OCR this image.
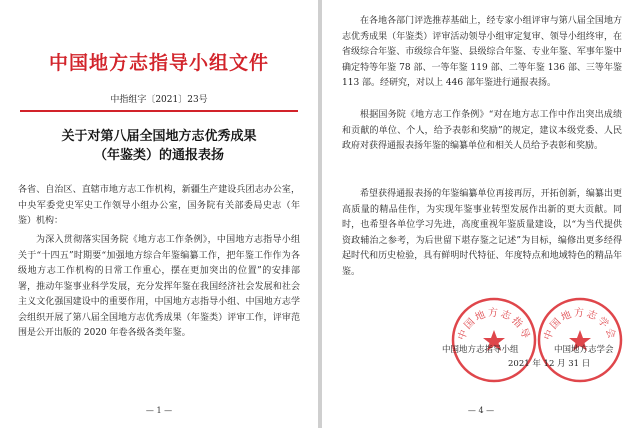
中国地方志指导小组文件
中指组字〔2021〕23号
关于对第八届全国地方志优秀成果
（年鉴类）的通报表扬
各省、自治区、直辖市地方志工作机构，新疆生产建设兵团志办公室，中央军委党史军史工作领导小组办公室，国务院有关部委局史志（年鉴）机构：
为深入贯彻落实国务院《地方志工作条例》，中国地方志指导小组关于“十四五”时期要“加强地方综合年鉴编纂工作，把年鉴工作作为各级地方志工作机构的日常工作重心，摆在更加突出的位置”的安排部署，推动年鉴事业科学发展，充分发挥年鉴在我国经济社会发展和社会主义文化强国建设中的重要作用，中国地方志指导小组、中国地方志学会组织开展了第八届全国地方志优秀成果（年鉴类）评审工作，评审范围是公开出版的 2020 年卷各级各类年鉴。
— 1 —
在各地各部门评选推荐基础上，经专家小组评审与第八届全国地方志优秀成果（年鉴类）评审活动领导小组审定复审、领导小组终审，在省级综合年鉴、市级综合年鉴、县级综合年鉴、专业年鉴、军事年鉴中确定特等年鉴 78 部、一等年鉴 119 部、二等年鉴 136 部、三等年鉴 113 部。经研究，对以上 446 部年鉴进行通报表扬。
根据国务院《地方志工作条例》“对在地方志工作中作出突出成绩和贡献的单位、个人，给予表彰和奖励”的规定，建议本级党委、人民政府对获得通报表扬年鉴的编纂单位和相关人员给予表彰和奖励。
希望获得通报表扬的年鉴编纂单位再接再厉，开拓创新，编纂出更高质量的精品佳作，为实现年鉴事业转型发展作出新的更大贡献。同时，也希望各单位学习先进，高度重视年鉴质量建设，以“为当代提供资政辅治之参考，为后世留下堪存鉴之记述”为目标，编修出更多经得起时代和历史检验，具有鲜明时代特征、年度特点和地域特色的精品年鉴。
中国地方志指导 中国地方志学会
中国地方志指导小组	中国地方志学会
2021 年 12 月 31 日
— 4 —
